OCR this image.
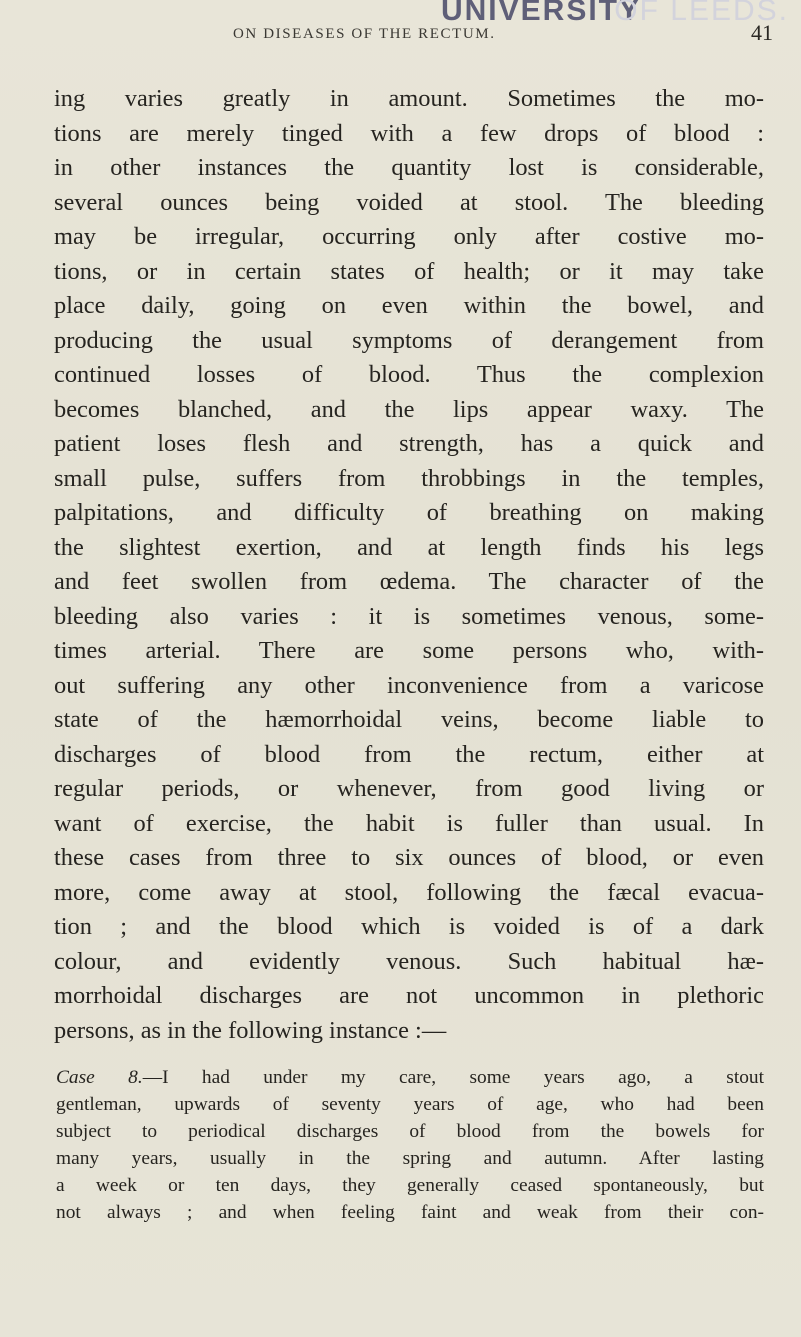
UNIVERSITY
OF LEEDS.
ON DISEASES OF THE RECTUM.	41
ing varies greatly in amount. Sometimes the mo-
tions are merely tinged with a few drops of blood :
in other instances the quantity lost is considerable,
several ounces being voided at stool. The bleeding
may be irregular, occurring only after costive mo-
tions, or in certain states of health; or it may take
place daily, going on even within the bowel, and
producing the usual symptoms of derangement from
continued losses of blood. Thus the complexion
becomes blanched, and the lips appear waxy. The
patient loses flesh and strength, has a quick and
small pulse, suffers from throbbings in the temples,
palpitations, and difficulty of breathing on making
the slightest exertion, and at length finds his legs
and feet swollen from œdema. The character of the
bleeding also varies : it is sometimes venous, some-
times arterial. There are some persons who, with-
out suffering any other inconvenience from a varicose
state of the hæmorrhoidal veins, become liable to
discharges of blood from the rectum, either at
regular periods, or whenever, from good living or
want of exercise, the habit is fuller than usual. In
these cases from three to six ounces of blood, or even
more, come away at stool, following the fæcal evacua-
tion ; and the blood which is voided is of a dark
colour, and evidently venous. Such habitual hæ-
morrhoidal discharges are not uncommon in plethoric
persons, as in the following instance :—
Case 8.—I had under my care, some years ago, a stout
gentleman, upwards of seventy years of age, who had been
subject to periodical discharges of blood from the bowels for
many years, usually in the spring and autumn. After lasting
a week or ten days, they generally ceased spontaneously, but
not always ; and when feeling faint and weak from their con-
